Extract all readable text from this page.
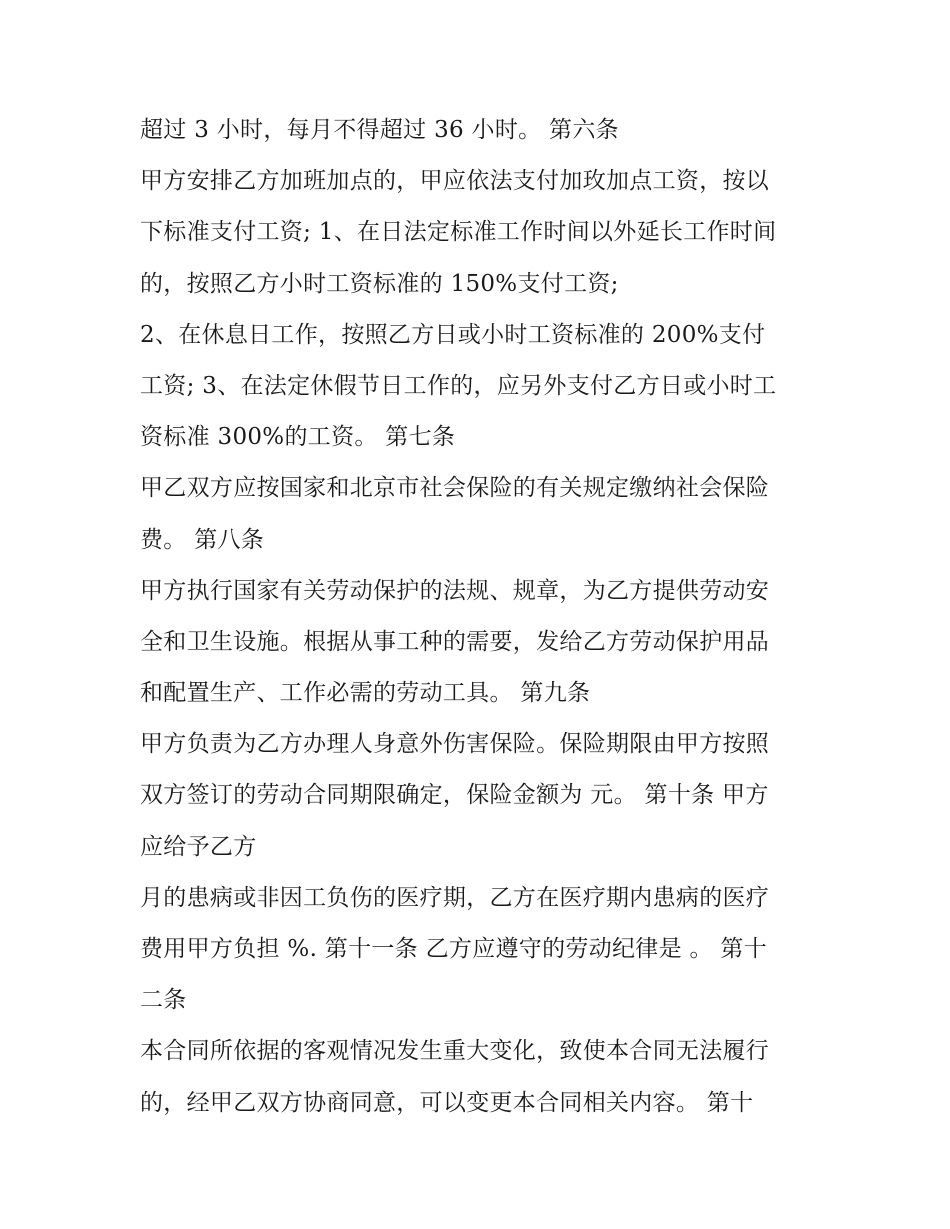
超过 3 小时，每月不得超过 36 小时。 第六条
甲方安排乙方加班加点的，甲应依法支付加玫加点工资，按以
下标准支付工资; 1、在日法定标准工作时间以外延长工作时间
的，按照乙方小时工资标准的 150%支付工资;
2、在休息日工作，按照乙方日或小时工资标准的 200%支付
工资; 3、在法定休假节日工作的，应另外支付乙方日或小时工
资标准 300%的工资。 第七条
甲乙双方应按国家和北京市社会保险的有关规定缴纳社会保险
费。 第八条
甲方执行国家有关劳动保护的法规、规章，为乙方提供劳动安
全和卫生设施。根据从事工种的需要，发给乙方劳动保护用品
和配置生产、工作必需的劳动工具。 第九条
甲方负责为乙方办理人身意外伤害保险。保险期限由甲方按照
双方签订的劳动合同期限确定，保险金额为 元。 第十条 甲方
应给予乙方
月的患病或非因工负伤的医疗期，乙方在医疗期内患病的医疗
费用甲方负担 %. 第十一条 乙方应遵守的劳动纪律是 。 第十
二条
本合同所依据的客观情况发生重大变化，致使本合同无法履行
的，经甲乙双方协商同意，可以变更本合同相关内容。 第十
